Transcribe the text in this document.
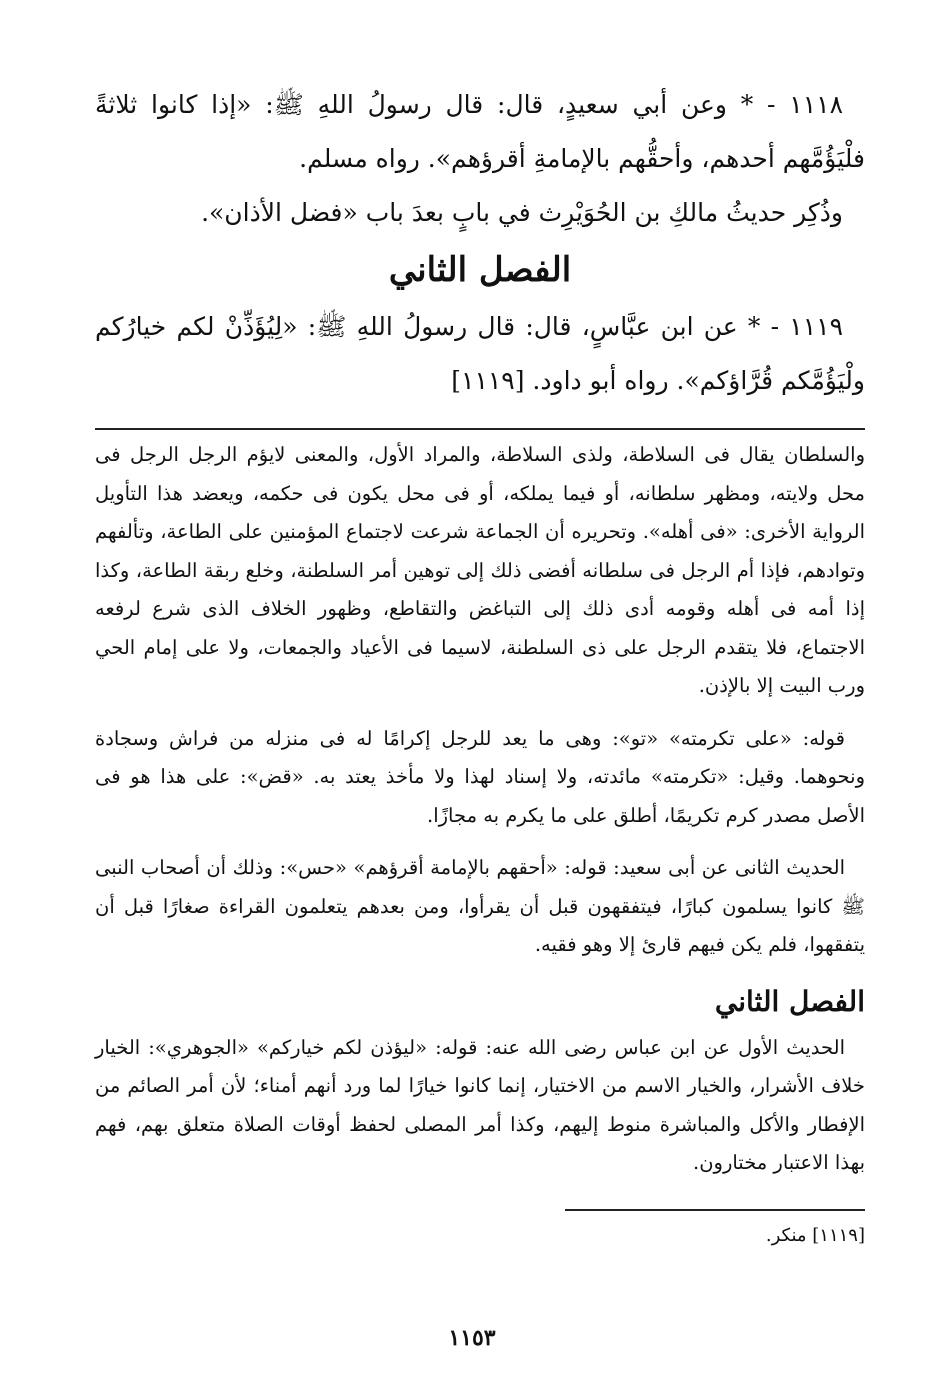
١١١٨ - * وعن أبي سعيدٍ، قال: قال رسولُ اللهِ ﷺ: «إذا كانوا ثلاثةً فلْيَؤُمَّهم أحدهم، وأحقُّهم بالإمامةِ أقرؤهم». رواه مسلم.

وذُكِر حديثُ مالكِ بن الحُوَيْرِث في بابٍ بعدَ باب «فضل الأذان».

الفصل الثاني

١١١٩ - * عن ابن عبَّاسٍ، قال: قال رسولُ اللهِ ﷺ: «لِيُؤَذِّنْ لكم خيارُكم ولْيَؤُمَّكم قُرَّاؤكم». رواه أبو داود. [١١١٩]

والسلطان يقال فى السلاطة، ولذى السلاطة، والمراد الأول، والمعنى لايؤم الرجل الرجل فى محل ولايته، ومظهر سلطانه، أو فيما يملكه، أو فى محل يكون فى حكمه، ويعضد هذا التأويل الرواية الأخرى: «فى أهله». وتحريره أن الجماعة شرعت لاجتماع المؤمنين على الطاعة، وتألفهم وتوادهم، فإذا أم الرجل فى سلطانه أفضى ذلك إلى توهين أمر السلطنة، وخلع ربقة الطاعة، وكذا إذا أمه فى أهله وقومه أدى ذلك إلى التباغض والتقاطع، وظهور الخلاف الذى شرع لرفعه الاجتماع، فلا يتقدم الرجل على ذى السلطنة، لاسيما فى الأعياد والجمعات، ولا على إمام الحي ورب البيت إلا بالإذن.

قوله: «على تكرمته» «تو»: وهى ما يعد للرجل إكرامًا له فى منزله من فراش وسجادة ونحوهما. وقيل: «تكرمته» مائدته، ولا إسناد لهذا ولا مأخذ يعتد به. «قض»: على هذا هو فى الأصل مصدر كرم تكريمًا، أطلق على ما يكرم به مجازًا.

الحديث الثانى عن أبى سعيد: قوله: «أحقهم بالإمامة أقرؤهم» «حس»: وذلك أن أصحاب النبى ﷺ كانوا يسلمون كبارًا، فيتفقهون قبل أن يقرأوا، ومن بعدهم يتعلمون القراءة صغارًا قبل أن يتفقهوا، فلم يكن فيهم قارئ إلا وهو فقيه.

الفصل الثاني

الحديث الأول عن ابن عباس رضى الله عنه: قوله: «ليؤذن لكم خياركم» «الجوهري»: الخيار خلاف الأشرار، والخيار الاسم من الاختيار، إنما كانوا خيارًا لما ورد أنهم أمناء؛ لأن أمر الصائم من الإفطار والأكل والمباشرة منوط إليهم، وكذا أمر المصلى لحفظ أوقات الصلاة متعلق بهم، فهم بهذا الاعتبار مختارون.

[١١١٩] منكر.

١١٥٣
